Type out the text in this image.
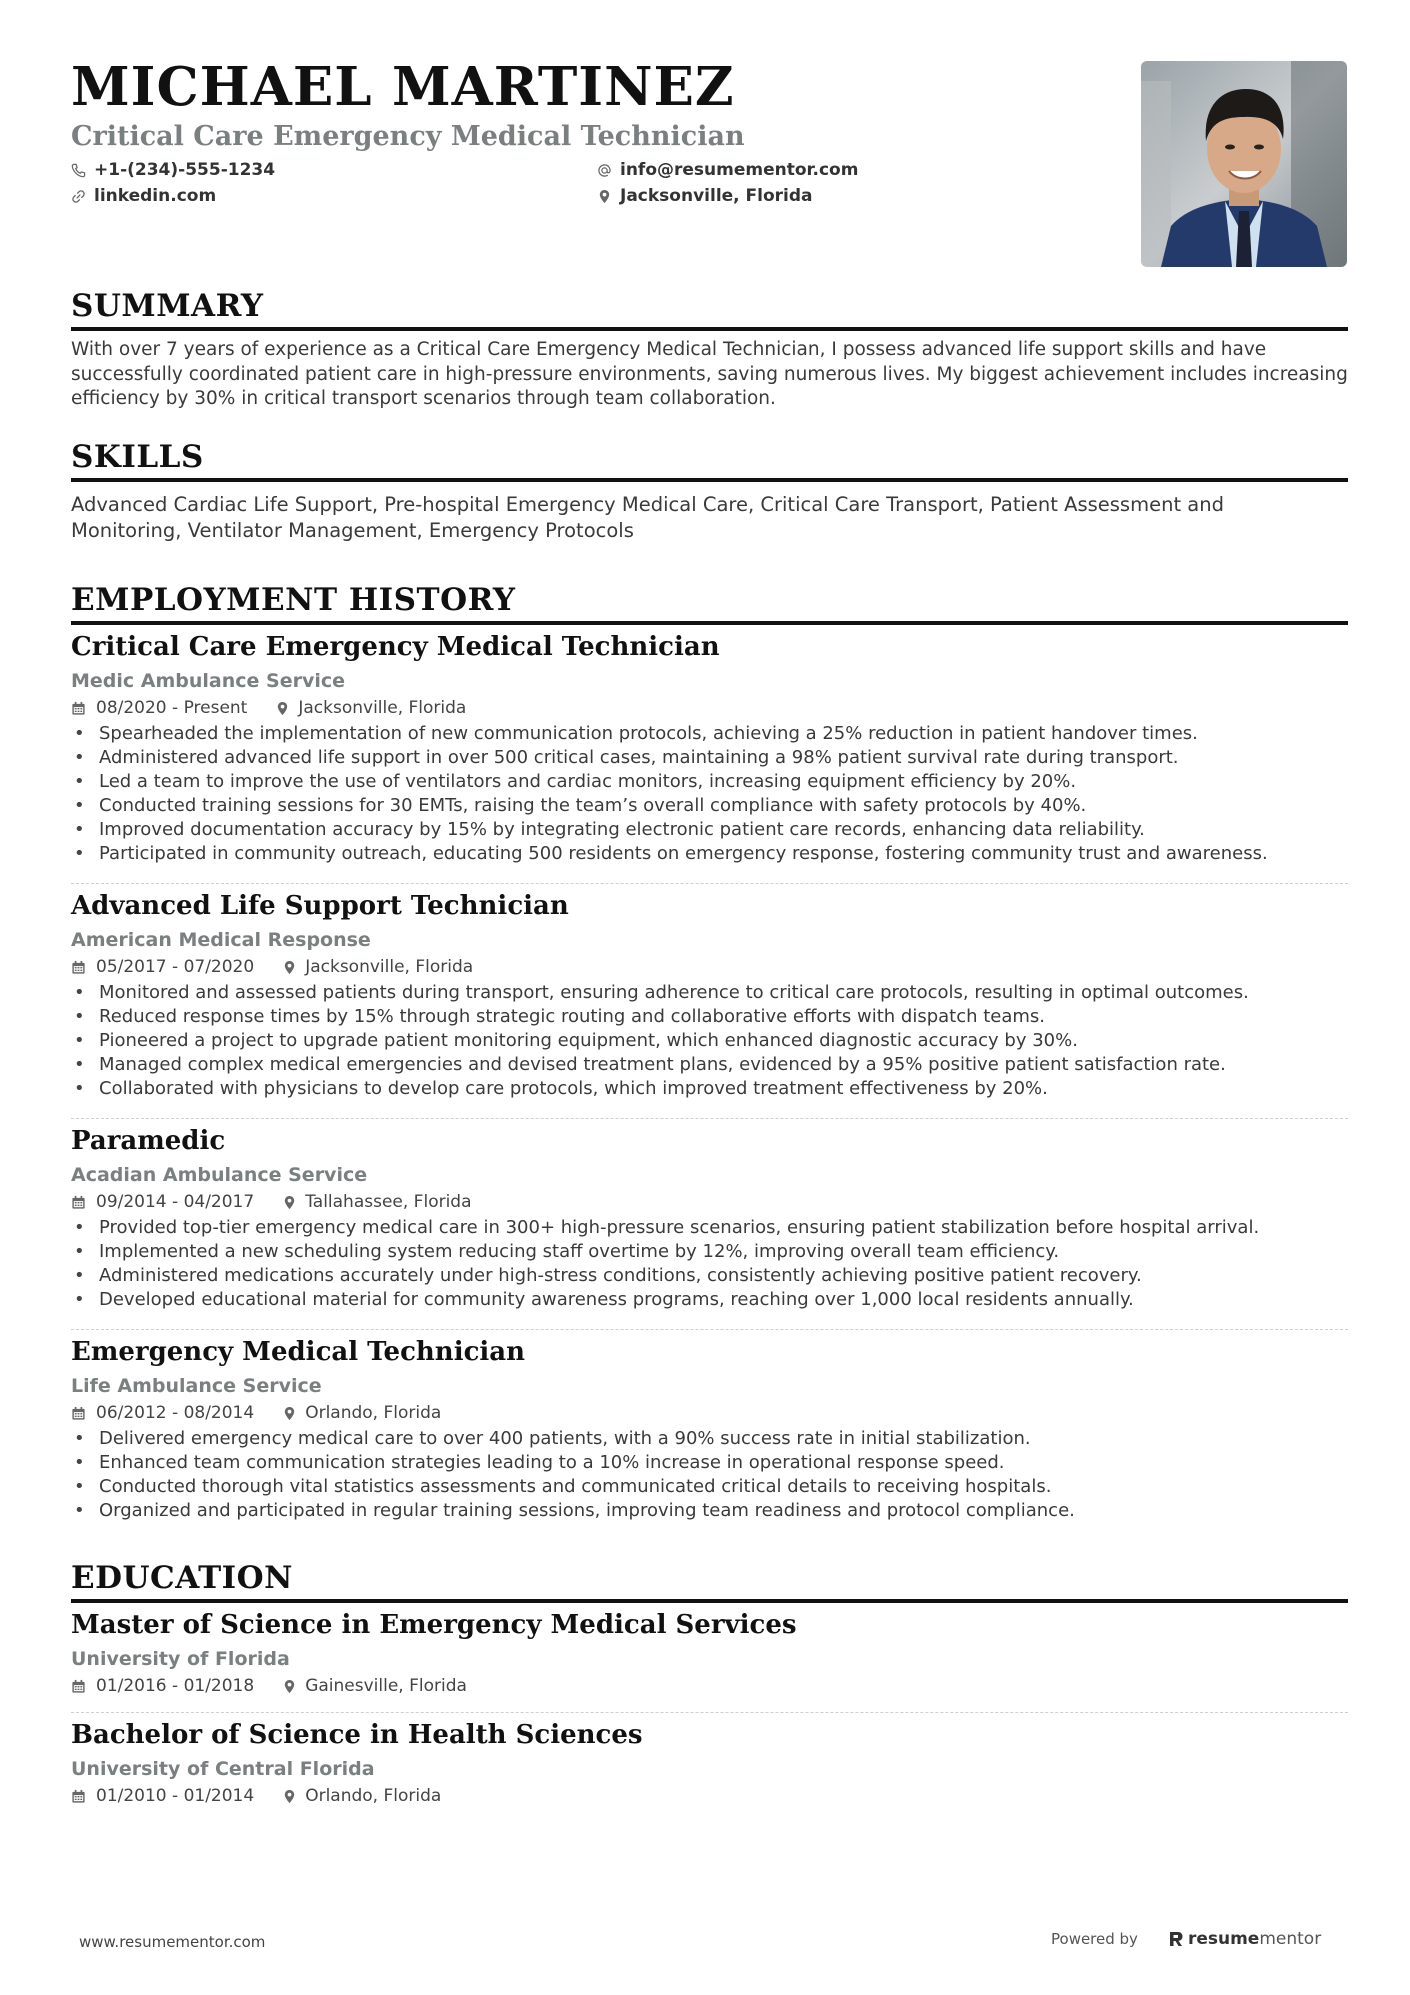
MICHAEL MARTINEZ
Critical Care Emergency Medical Technician
+1-(234)-555-1234
linkedin.com
info@resumementor.com
Jacksonville, Florida
SUMMARY
With over 7 years of experience as a Critical Care Emergency Medical Technician, I possess advanced life support skills and have
successfully coordinated patient care in high-pressure environments, saving numerous lives. My biggest achievement includes increasing
efficiency by 30% in critical transport scenarios through team collaboration.
SKILLS
Advanced Cardiac Life Support, Pre-hospital Emergency Medical Care, Critical Care Transport, Patient Assessment and
Monitoring, Ventilator Management, Emergency Protocols
EMPLOYMENT HISTORY
Critical Care Emergency Medical Technician
Medic Ambulance Service
08/2020 - Present	Jacksonville, Florida
• Spearheaded the implementation of new communication protocols, achieving a 25% reduction in patient handover times.
• Administered advanced life support in over 500 critical cases, maintaining a 98% patient survival rate during transport.
• Led a team to improve the use of ventilators and cardiac monitors, increasing equipment efficiency by 20%.
• Conducted training sessions for 30 EMTs, raising the team’s overall compliance with safety protocols by 40%.
• Improved documentation accuracy by 15% by integrating electronic patient care records, enhancing data reliability.
• Participated in community outreach, educating 500 residents on emergency response, fostering community trust and awareness.
Advanced Life Support Technician
American Medical Response
05/2017 - 07/2020	Jacksonville, Florida
• Monitored and assessed patients during transport, ensuring adherence to critical care protocols, resulting in optimal outcomes.
• Reduced response times by 15% through strategic routing and collaborative efforts with dispatch teams.
• Pioneered a project to upgrade patient monitoring equipment, which enhanced diagnostic accuracy by 30%.
• Managed complex medical emergencies and devised treatment plans, evidenced by a 95% positive patient satisfaction rate.
• Collaborated with physicians to develop care protocols, which improved treatment effectiveness by 20%.
Paramedic
Acadian Ambulance Service
09/2014 - 04/2017	Tallahassee, Florida
• Provided top-tier emergency medical care in 300+ high-pressure scenarios, ensuring patient stabilization before hospital arrival.
• Implemented a new scheduling system reducing staff overtime by 12%, improving overall team efficiency.
• Administered medications accurately under high-stress conditions, consistently achieving positive patient recovery.
• Developed educational material for community awareness programs, reaching over 1,000 local residents annually.
Emergency Medical Technician
Life Ambulance Service
06/2012 - 08/2014	Orlando, Florida
• Delivered emergency medical care to over 400 patients, with a 90% success rate in initial stabilization.
• Enhanced team communication strategies leading to a 10% increase in operational response speed.
• Conducted thorough vital statistics assessments and communicated critical details to receiving hospitals.
• Organized and participated in regular training sessions, improving team readiness and protocol compliance.
EDUCATION
Master of Science in Emergency Medical Services
University of Florida
01/2016 - 01/2018	Gainesville, Florida
Bachelor of Science in Health Sciences
University of Central Florida
01/2010 - 01/2014	Orlando, Florida
www.resumementor.com	Powered by	resume mentor
